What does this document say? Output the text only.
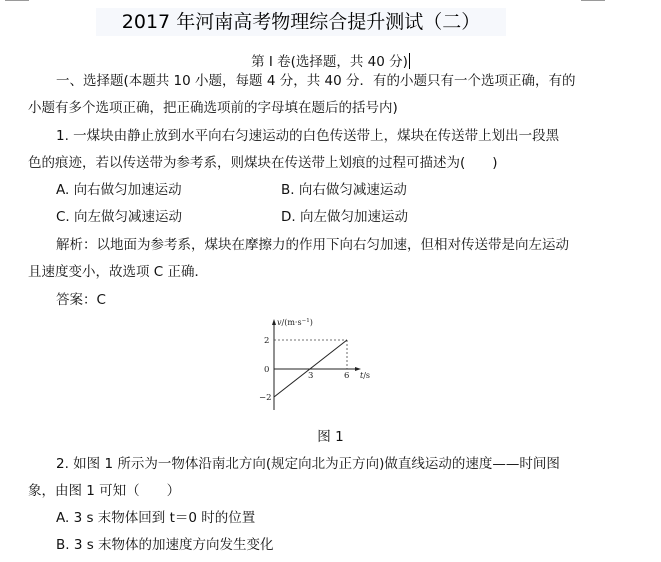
2017 年河南高考物理综合提升测试（二）
第 I 卷(选择题，共 40 分)
一、选择题(本题共 10 小题，每题 4 分，共 40 分．有的小题只有一个选项正确，有的
小题有多个选项正确，把正确选项前的字母填在题后的括号内)
1. 一煤块由静止放到水平向右匀速运动的白色传送带上，煤块在传送带上划出一段黑
色的痕迹，若以传送带为参考系，则煤块在传送带上划痕的过程可描述为(　　)
A. 向右做匀加速运动	B. 向右做匀减速运动
C. 向左做匀减速运动	D. 向左做匀加速运动
解析：以地面为参考系，煤块在摩擦力的作用下向右匀加速，但相对传送带是向左运动
且速度变小，故选项 C 正确．
答案：C
$v/(m\cdot s^{-1})$
2
0
−2
3	6 t/s
图 1
2. 如图 1 所示为一物体沿南北方向(规定向北为正方向)做直线运动的速度——时间图
象，由图 1 可知（　　）
A. 3 s 末物体回到 t＝0 时的位置
B. 3 s 末物体的加速度方向发生变化
